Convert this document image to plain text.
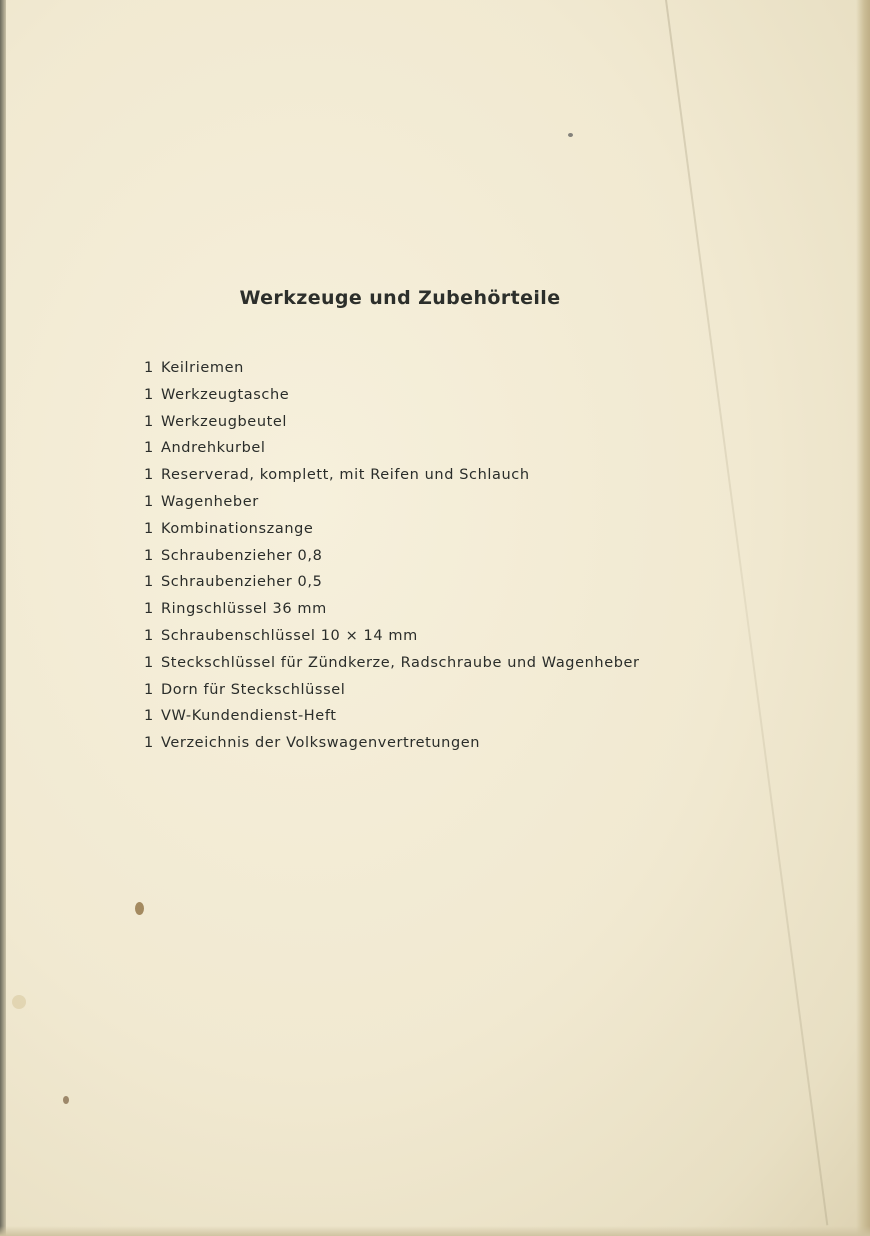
Werkzeuge und Zubehörteile
1 Keilriemen
1 Werkzeugtasche
1 Werkzeugbeutel
1 Andrehkurbel
1 Reserverad, komplett, mit Reifen und Schlauch
1 Wagenheber
1 Kombinationszange
1 Schraubenzieher 0,8
1 Schraubenzieher 0,5
1 Ringschlüssel 36 mm
1 Schraubenschlüssel 10 × 14 mm
1 Steckschlüssel für Zündkerze, Radschraube und Wagenheber
1 Dorn für Steckschlüssel
1 VW-Kundendienst-Heft
1 Verzeichnis der Volkswagenvertretungen
